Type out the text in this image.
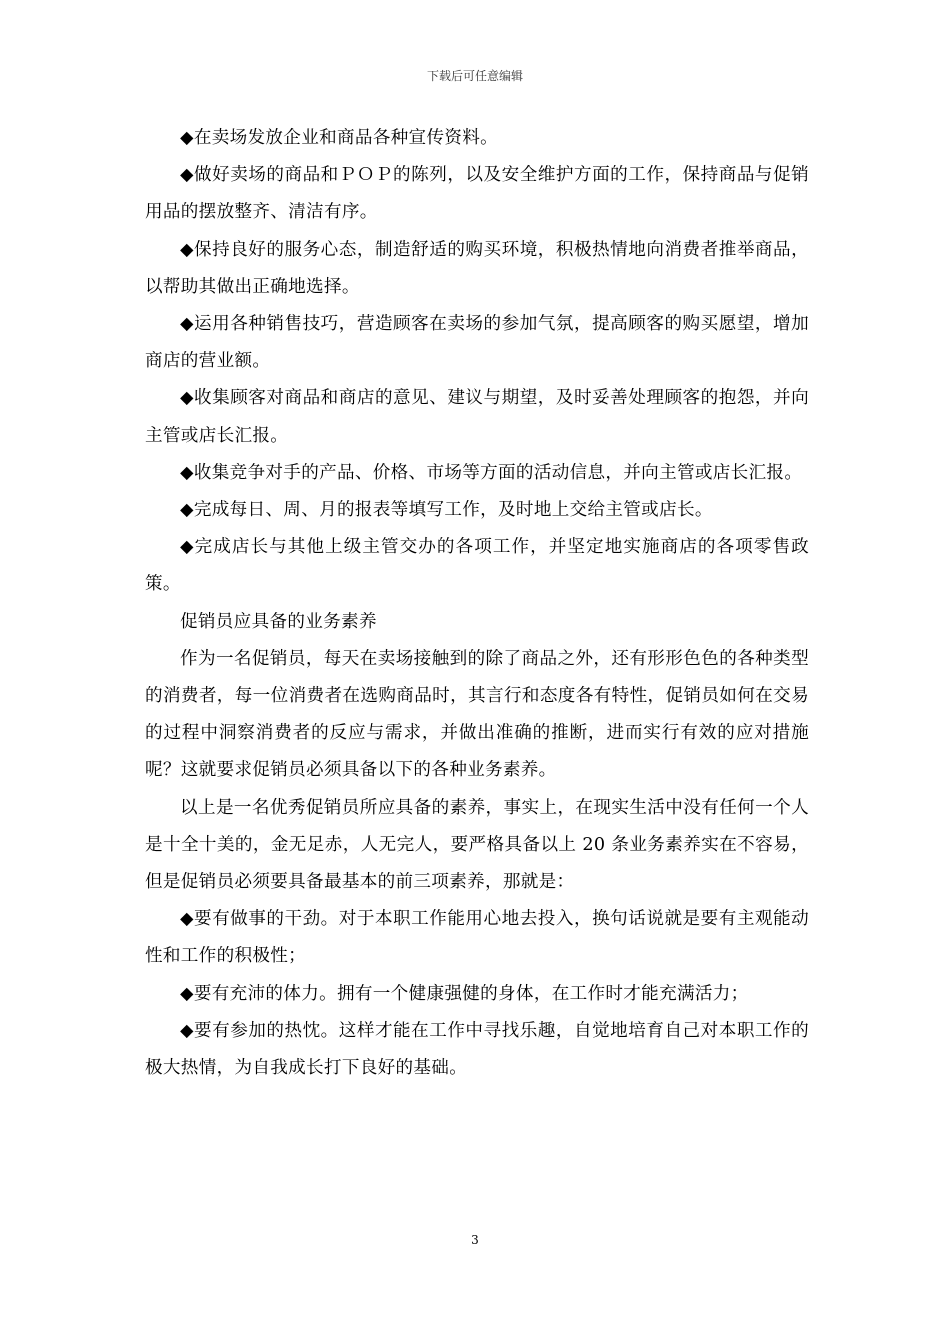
下载后可任意编辑

◆在卖场发放企业和商品各种宣传资料。

◆做好卖场的商品和ＰＯＰ的陈列，以及安全维护方面的工作，保持商品与促销用品的摆放整齐、清洁有序。

◆保持良好的服务心态，制造舒适的购买环境，积极热情地向消费者推举商品，以帮助其做出正确地选择。

◆运用各种销售技巧，营造顾客在卖场的参加气氛，提高顾客的购买愿望，增加商店的营业额。

◆收集顾客对商品和商店的意见、建议与期望，及时妥善处理顾客的抱怨，并向主管或店长汇报。

◆收集竞争对手的产品、价格、市场等方面的活动信息，并向主管或店长汇报。

◆完成每日、周、月的报表等填写工作，及时地上交给主管或店长。

◆完成店长与其他上级主管交办的各项工作，并坚定地实施商店的各项零售政策。

促销员应具备的业务素养

作为一名促销员，每天在卖场接触到的除了商品之外，还有形形色色的各种类型的消费者，每一位消费者在选购商品时，其言行和态度各有特性，促销员如何在交易的过程中洞察消费者的反应与需求，并做出准确的推断，进而实行有效的应对措施呢？这就要求促销员必须具备以下的各种业务素养。

以上是一名优秀促销员所应具备的素养，事实上，在现实生活中没有任何一个人是十全十美的，金无足赤，人无完人，要严格具备以上 20 条业务素养实在不容易，但是促销员必须要具备最基本的前三项素养，那就是：

◆要有做事的干劲。对于本职工作能用心地去投入，换句话说就是要有主观能动性和工作的积极性；

◆要有充沛的体力。拥有一个健康强健的身体，在工作时才能充满活力；

◆要有参加的热忱。这样才能在工作中寻找乐趣，自觉地培育自己对本职工作的极大热情，为自我成长打下良好的基础。

3
